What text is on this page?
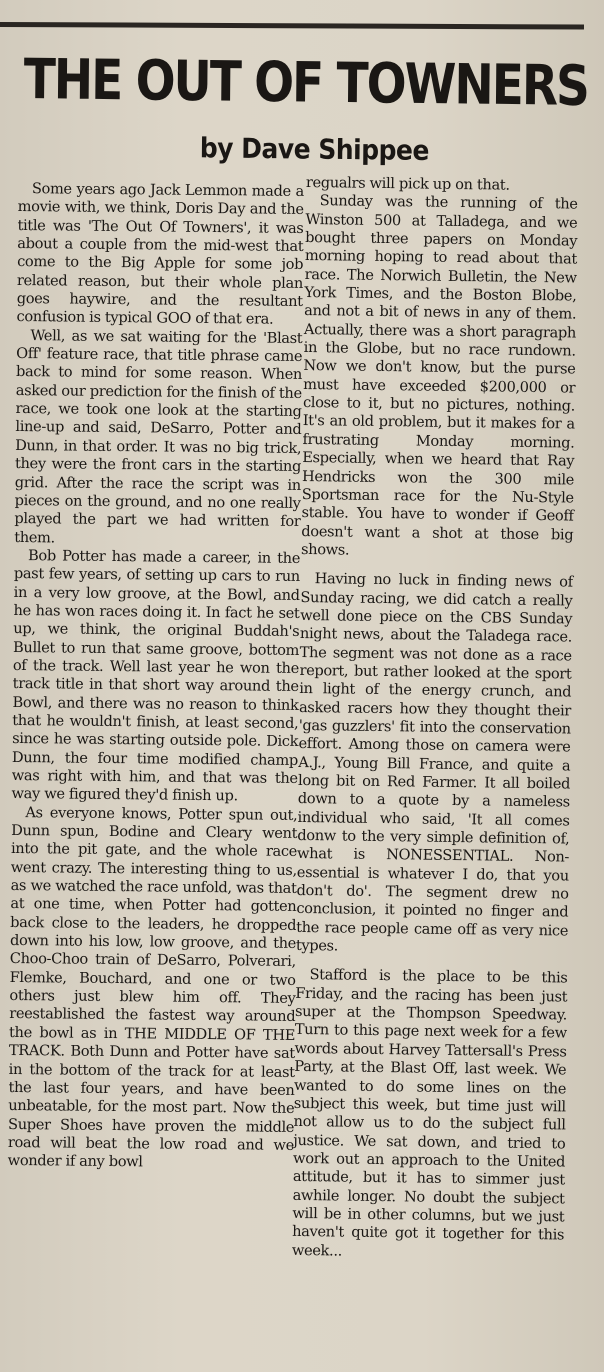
THE OUT OF TOWNERS
by Dave Shippee

Some years ago Jack Lemmon made a movie with, we think, Doris Day and the title was 'The Out Of Towners', it was about a couple from the mid-west that come to the Big Apple for some job related reason, but their whole plan goes haywire, and the resultant confusion is typical GOO of that era.

Well, as we sat waiting for the 'Blast Off' feature race, that title phrase came back to mind for some reason. When asked our prediction for the finish of the race, we took one look at the starting line-up and said, DeSarro, Potter and Dunn, in that order. It was no big trick, they were the front cars in the starting grid. After the race the script was in pieces on the ground, and no one really played the part we had written for them.

Bob Potter has made a career, in the past few years, of setting up cars to run in a very low groove, at the Bowl, and he has won races doing it. In fact he set up, we think, the original Buddah's Bullet to run that same groove, bottom of the track. Well last year he won the track title in that short way around the Bowl, and there was no reason to think that he wouldn't finish, at least second, since he was starting outside pole. Dick Dunn, the four time modified champ was right with him, and that was the way we figured they'd finish up.

As everyone knows, Potter spun out, Dunn spun, Bodine and Cleary went into the pit gate, and the whole race went crazy. The interesting thing to us, as we watched the race unfold, was that at one time, when Potter had gotten back close to the leaders, he dropped down into his low, low groove, and the Choo-Choo train of DeSarro, Polverari, Flemke, Bouchard, and one or two others just blew him off. They reestablished the fastest way around the bowl as in THE MIDDLE OF THE TRACK. Both Dunn and Potter have sat in the bottom of the track for at least the last four years, and have been unbeatable, for the most part. Now the Super Shoes have proven the middle road will beat the low road and we wonder if any bowl

regualrs will pick up on that.

Sunday was the running of the Winston 500 at Talladega, and we bought three papers on Monday morning hoping to read about that race. The Norwich Bulletin, the New York Times, and the Boston Blobe, and not a bit of news in any of them. Actually, there was a short paragraph in the Globe, but no race rundown. Now we don't know, but the purse must have exceeded $200,000 or close to it, but no pictures, nothing. It's an old problem, but it makes for a frustrating Monday morning. Especially, when we heard that Ray Hendricks won the 300 mile Sportsman race for the Nu-Style stable. You have to wonder if Geoff doesn't want a shot at those big shows.

Having no luck in finding news of Sunday racing, we did catch a really well done piece on the CBS Sunday night news, about the Taladega race. The segment was not done as a race report, but rather looked at the sport in light of the energy crunch, and asked racers how they thought their 'gas guzzlers' fit into the conservation effort. Among those on camera were A.J., Young Bill France, and quite a long bit on Red Farmer. It all boiled down to a quote by a nameless individual who said, 'It all comes donw to the very simple definition of, what is NONESSENTIAL. Non-essential is whatever I do, that you don't do'. The segment drew no conclusion, it pointed no finger and the race people came off as very nice types.

Stafford is the place to be this Friday, and the racing has been just super at the Thompson Speedway. Turn to this page next week for a few words about Harvey Tattersall's Press Party, at the Blast Off, last week. We wanted to do some lines on the subject this week, but time just will not allow us to do the subject full justice. We sat down, and tried to work out an approach to the United attitude, but it has to simmer just awhile longer. No doubt the subject will be in other columns, but we just haven't quite got it together for this week...
